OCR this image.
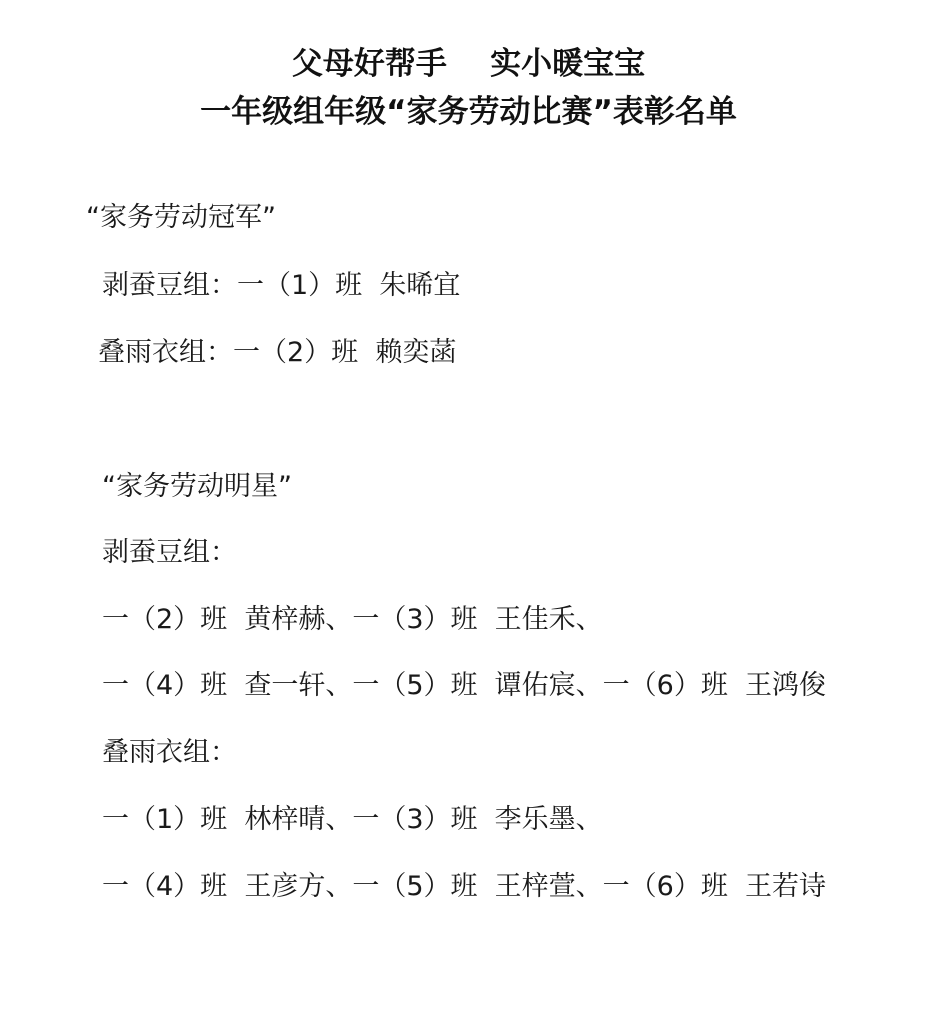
父母好帮手    实小暖宝宝
一年级组年级“家务劳动比赛”表彰名单
“家务劳动冠军”
剥蚕豆组：一（1）班  朱晞宜
叠雨衣组：一（2）班  赖奕菡
“家务劳动明星”
剥蚕豆组：
一（2）班  黄梓赫、一（3）班  王佳禾、
一（4）班  查一轩、一（5）班  谭佑宸、一（6）班  王鸿俊
叠雨衣组：
一（1）班  林梓晴、一（3）班  李乐墨、
一（4）班  王彦方、一（5）班  王梓萱、一（6）班  王若诗
